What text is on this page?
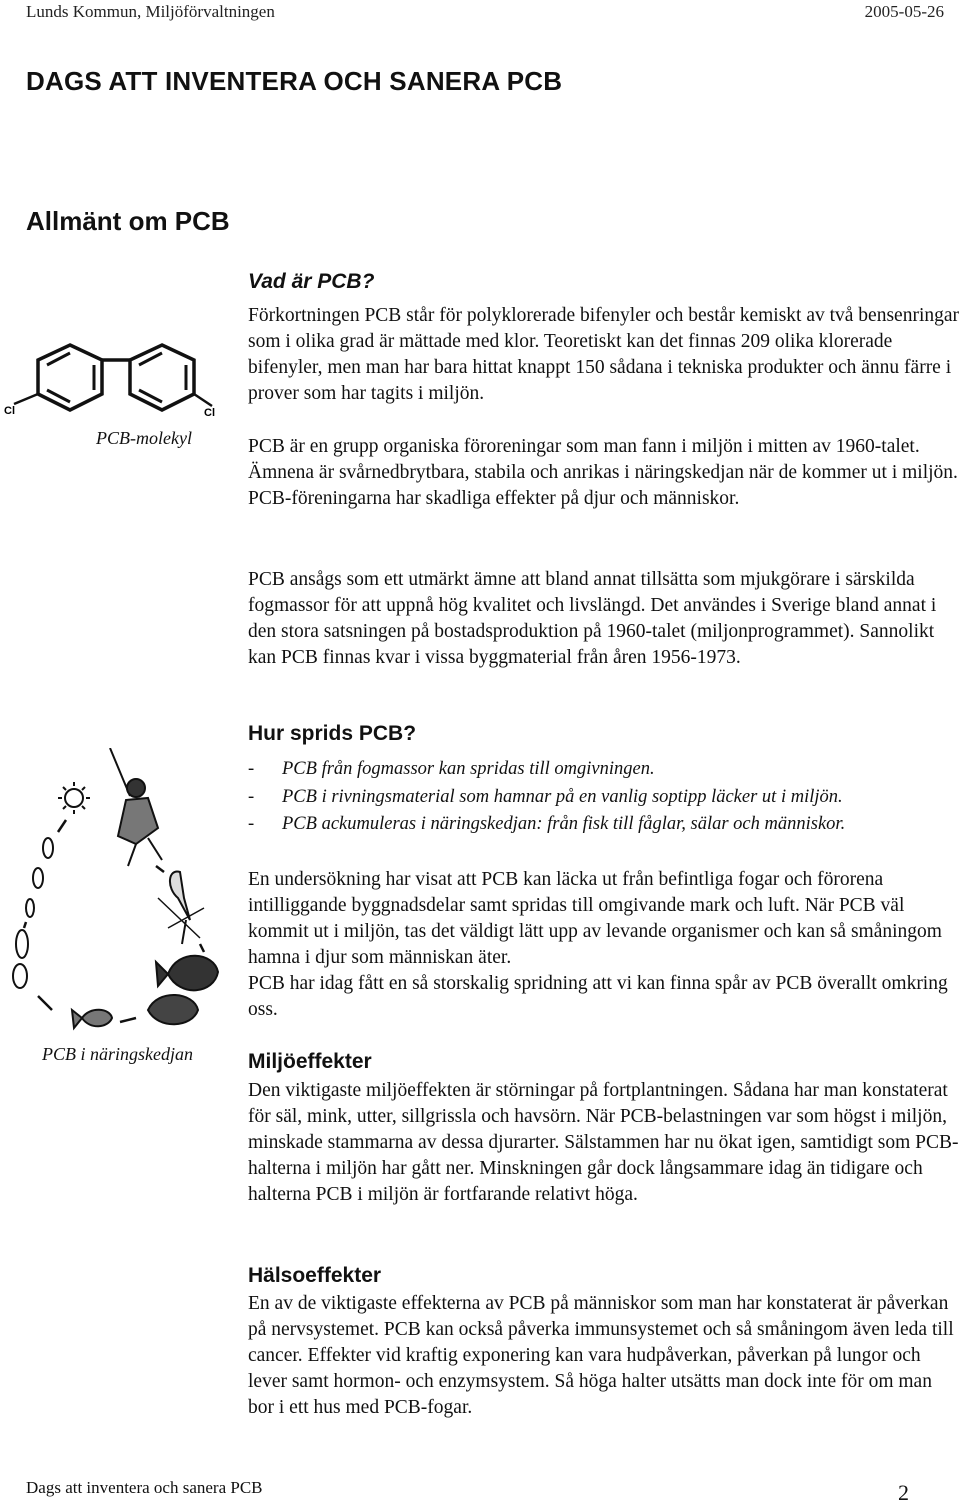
Lunds Kommun, Miljöförvaltningen	2005-05-26
DAGS ATT INVENTERA OCH SANERA PCB
Allmänt om PCB
Cl	Cl
PCB-molekyl
Vad är PCB?
Förkortningen PCB står för polyklorerade bifenyler och består kemiskt av två bensenringar som i olika grad är mättade med klor. Teoretiskt kan det finnas 209 olika klorerade bifenyler, men man har bara hittat knappt 150 sådana i tekniska produkter och ännu färre i prover som har tagits i miljön.
PCB är en grupp organiska föroreningar som man fann i miljön i mitten av 1960-talet. Ämnena är svårnedbrytbara, stabila och anrikas i näringskedjan när de kommer ut i miljön. PCB-föreningarna har skadliga effekter på djur och människor.
PCB ansågs som ett utmärkt ämne att bland annat tillsätta som mjukgörare i särskilda fogmassor för att uppnå hög kvalitet och livslängd. Det användes i Sverige bland annat i den stora satsningen på bostadsproduktion på 1960-talet (miljonprogrammet). Sannolikt kan PCB finnas kvar i vissa byggmaterial från åren 1956-1973.
PCB i näringskedjan
Hur sprids PCB?
- PCB från fogmassor kan spridas till omgivningen.
- PCB i rivningsmaterial som hamnar på en vanlig soptipp läcker ut i miljön.
- PCB ackumuleras i näringskedjan: från fisk till fåglar, sälar och människor.
En undersökning har visat att PCB kan läcka ut från befintliga fogar och förorena intilliggande byggnadsdelar samt spridas till omgivande mark och luft. När PCB väl kommit ut i miljön, tas det väldigt lätt upp av levande organismer och kan så småningom hamna i djur som människan äter.
PCB har idag fått en så storskalig spridning att vi kan finna spår av PCB överallt omkring oss.
Miljöeffekter
Den viktigaste miljöeffekten är störningar på fortplantningen. Sådana har man konstaterat för säl, mink, utter, sillgrissla och havsörn. När PCB-belastningen var som högst i miljön, minskade stammarna av dessa djurarter. Sälstammen har nu ökat igen, samtidigt som PCB-halterna i miljön har gått ner. Minskningen går dock långsammare idag än tidigare och halterna PCB i miljön är fortfarande relativt höga.
Hälsoeffekter
En av de viktigaste effekterna av PCB på människor som man har konstaterat är påverkan på nervsystemet. PCB kan också påverka immunsystemet och så småningom även leda till cancer. Effekter vid kraftig exponering kan vara hudpåverkan, påverkan på lungor och lever samt hormon- och enzymsystem. Så höga halter utsätts man dock inte för om man bor i ett hus med PCB-fogar.
Dags att inventera och sanera PCB	2
